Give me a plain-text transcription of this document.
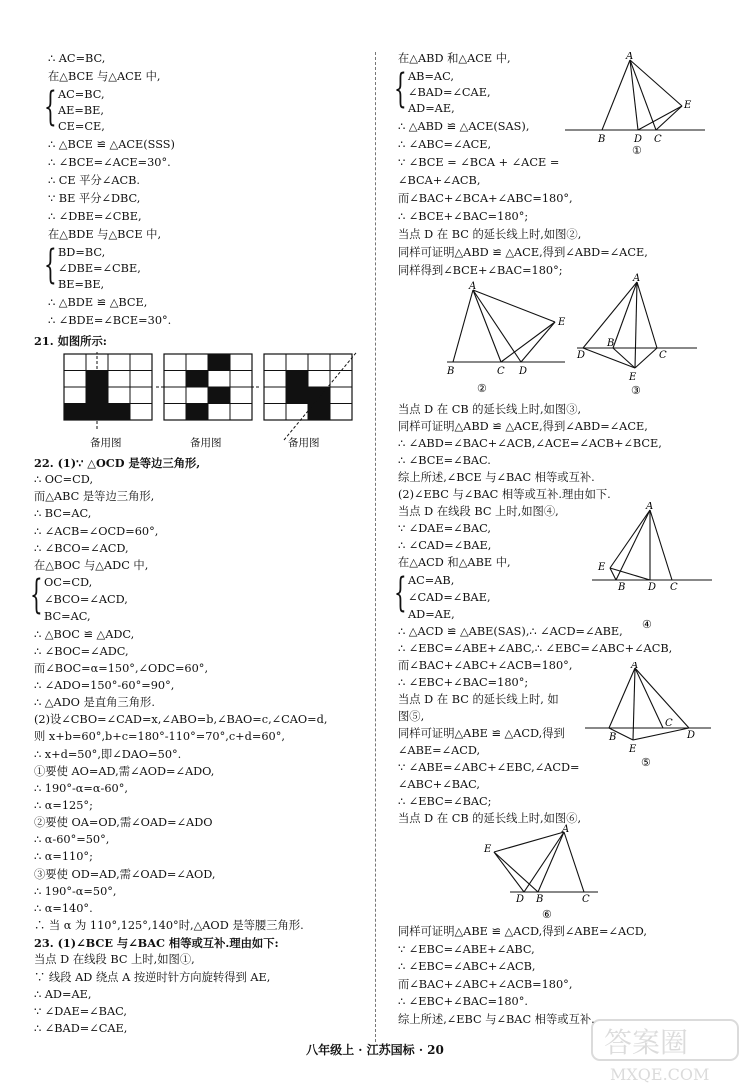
∴ AC=BC,
在△BCE 与△ACE 中,
{ AC=BC,
AE=BE,
CE=CE,
∴ △BCE ≌ △ACE(SSS)
∴ ∠BCE=∠ACE=30°.
∴ CE 平分∠ACB.
∵ BE 平分∠DBC,
∴ ∠DBE=∠CBE,
在△BDE 与△BCE 中,
{ BD=BC,
∠DBE=∠CBE,
BE=BE,
∴ △BDE ≌ △BCE,
∴ ∠BDE=∠BCE=30°.
21. 如图所示:
备用图	备用图	备用图
22. (1)∵ △OCD 是等边三角形,
∴ OC=CD,
而△ABC 是等边三角形,
∴ BC=AC,
∴ ∠ACB=∠OCD=60°,
∴ ∠BCO=∠ACD,
在△BOC 与△ADC 中,
OC=CD,
{ ∠BCO=∠ACD,
BC=AC,
∴ △BOC ≌ △ADC,
∴ ∠BOC=∠ADC,
而∠BOC=α=150°,∠ODC=60°,
∴ ∠ADO=150°-60°=90°,
∴ △ADO 是直角三角形.
(2)设∠CBO=∠CAD=x,∠ABO=b,∠BAO=c,∠CAO=d,
则 x+b=60°,b+c=180°-110°=70°,c+d=60°,
∴ x+d=50°,即∠DAO=50°.
①要使 AO=AD,需∠AOD=∠ADO,
∴ 190°-α=α-60°,
∴ α=125°;
②要使 OA=OD,需∠OAD=∠ADO
∴ α-60°=50°,
∴ α=110°;
③要使 OD=AD,需∠OAD=∠AOD,
∴ 190°-α=50°,
∴ α=140°.
∴ 当 α 为 110°,125°,140°时,△AOD 是等腰三角形.
23. (1)∠BCE 与∠BAC 相等或互补.理由如下:
当点 D 在线段 BC 上时,如图①,
∵ 线段 AD 绕点 A 按逆时针方向旋转得到 AE,
∴ AD=AE,
∵ ∠DAE=∠BAC,
∴ ∠BAD=∠CAE,
在△ABD 和△ACE 中,
{ AB=AC,
∠BAD=∠CAE,
AD=AE,
∴ △ABD ≌ △ACE(SAS),
∴ ∠ABC=∠ACE,
∵ ∠BCE = ∠BCA + ∠ACE =
∠BCA+∠ACB,
而∠BAC+∠BCA+∠ABC=180°,
∴ ∠BCE+∠BAC=180°;
当点 D 在 BC 的延长线上时,如图②,
同样可证明△ABD ≌ △ACE,得到∠ABD=∠ACE,
同样得到∠BCE+∠BAC=180°;
A
B	D C
E
①
A
B	C D
E
②
A
D
B
C
E
③
当点 D 在 CB 的延长线上时,如图③,
同样可证明△ABD ≌ △ACE,得到∠ABD=∠ACE,
∴ ∠ABD=∠BAC+∠ACB,∠ACE=∠ACB+∠BCE,
∴ ∠BCE=∠BAC.
综上所述,∠BCE 与∠BAC 相等或互补.
(2)∠EBC 与∠BAC 相等或互补.理由如下.
当点 D 在线段 BC 上时,如图④,
∵ ∠DAE=∠BAC,
∴ ∠CAD=∠BAE,
在△ACD 和△ABE 中,
AC=AB,
{ ∠CAD=∠BAE,
AD=AE,
∴ △ACD ≌ △ABE(SAS),∴ ∠ACD=∠ABE,
∴ ∠EBC=∠ABE+∠ABC,∴ ∠EBC=∠ABC+∠ACB,
而∠BAC+∠ABC+∠ACB=180°,
∴ ∠EBC+∠BAC=180°;
当点 D 在 BC 的延长线上时, 如
图⑤,
同样可证明△ABE ≌ △ACD,得到
∠ABE=∠ACD,
∵ ∠ABE=∠ABC+∠EBC,∠ACD=
∠ABC+∠BAC,
∴ ∠EBC=∠BAC;
当点 D 在 CB 的延长线上时,如图⑥,
A
E
B D C
④
A
B
C
D
E
⑤
A
E
D B	C
⑥
同样可证明△ABE ≌ △ACD,得到∠ABE=∠ACD,
∵ ∠EBC=∠ABE+∠ABC,
∴ ∠EBC=∠ABC+∠ACB,
而∠BAC+∠ABC+∠ACB=180°,
∴ ∠EBC+∠BAC=180°.
综上所述,∠EBC 与∠BAC 相等或互补.
八年级上 · 江苏国标 · 20	答案圈
MXQE.COM
